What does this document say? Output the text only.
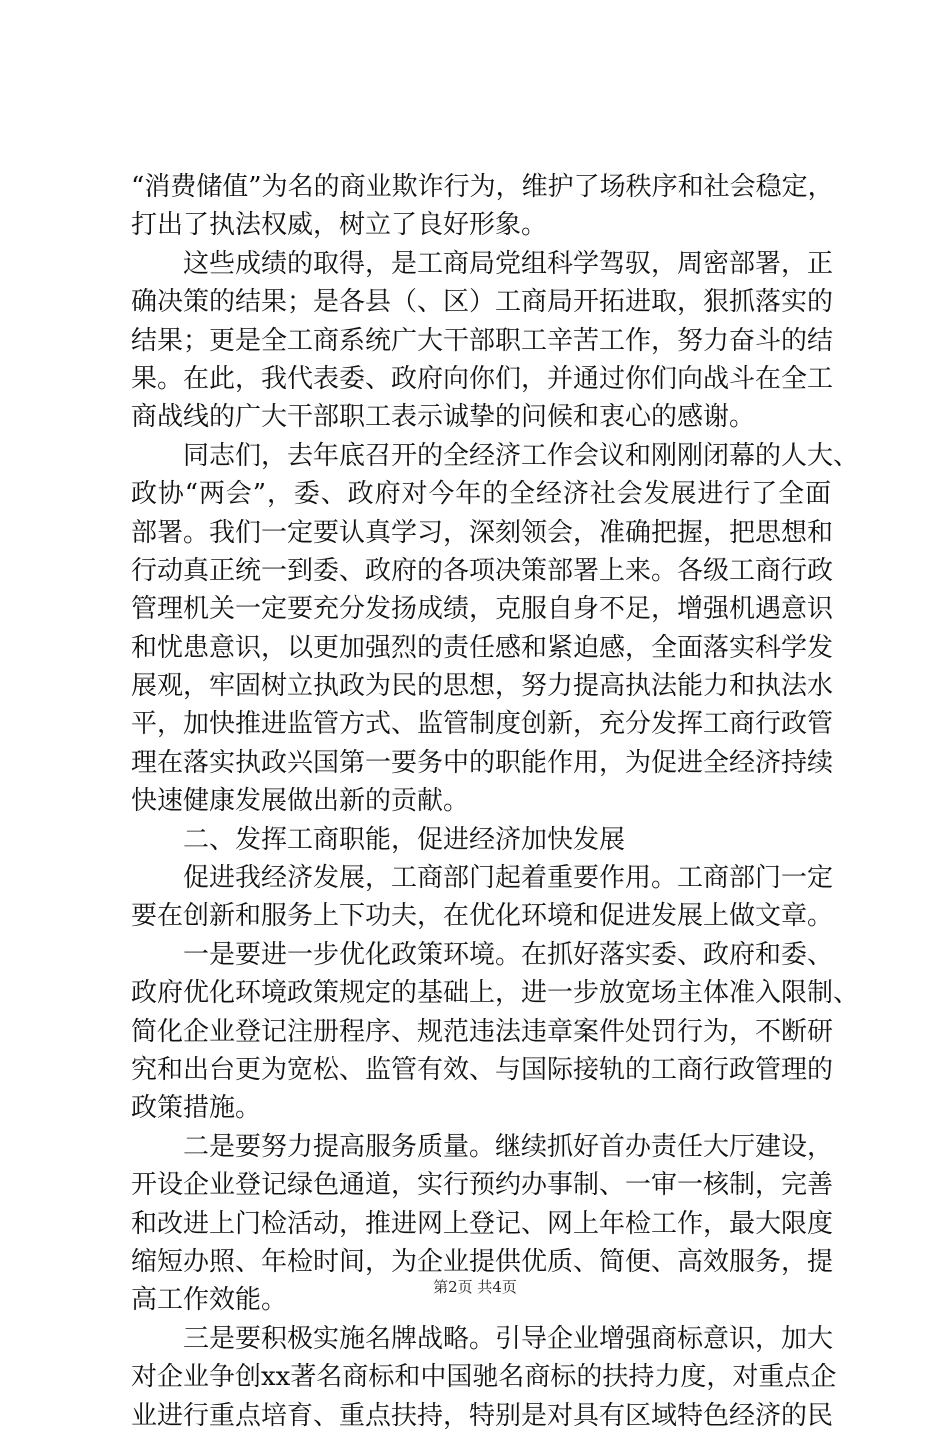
“消费储值”为名的商业欺诈行为，维护了场秩序和社会稳定，
打出了执法权威，树立了良好形象。
这些成绩的取得，是工商局党组科学驾驭，周密部署，正
确决策的结果；是各县（、区）工商局开拓进取，狠抓落实的
结果；更是全工商系统广大干部职工辛苦工作，努力奋斗的结
果。在此，我代表委、政府向你们，并通过你们向战斗在全工
商战线的广大干部职工表示诚挚的问候和衷心的感谢。
同志们，去年底召开的全经济工作会议和刚刚闭幕的人大、
政协“两会”，委、政府对今年的全经济社会发展进行了全面
部署。我们一定要认真学习，深刻领会，准确把握，把思想和
行动真正统一到委、政府的各项决策部署上来。各级工商行政
管理机关一定要充分发扬成绩，克服自身不足，增强机遇意识
和忧患意识，以更加强烈的责任感和紧迫感，全面落实科学发
展观，牢固树立执政为民的思想，努力提高执法能力和执法水
平，加快推进监管方式、监管制度创新，充分发挥工商行政管
理在落实执政兴国第一要务中的职能作用，为促进全经济持续
快速健康发展做出新的贡献。
二、发挥工商职能，促进经济加快发展
促进我经济发展，工商部门起着重要作用。工商部门一定
要在创新和服务上下功夫，在优化环境和促进发展上做文章。
一是要进一步优化政策环境。在抓好落实委、政府和委、
政府优化环境政策规定的基础上，进一步放宽场主体准入限制、
简化企业登记注册程序、规范违法违章案件处罚行为，不断研
究和出台更为宽松、监管有效、与国际接轨的工商行政管理的
政策措施。
二是要努力提高服务质量。继续抓好首办责任大厅建设，
开设企业登记绿色通道，实行预约办事制、一审一核制，完善
和改进上门检活动，推进网上登记、网上年检工作，最大限度
缩短办照、年检时间，为企业提供优质、简便、高效服务，提
高工作效能。
三是要积极实施名牌战略。引导企业增强商标意识，加大
对企业争创xx著名商标和中国驰名商标的扶持力度，对重点企
业进行重点培育、重点扶持，特别是对具有区域特色经济的民
第2页 共4页
